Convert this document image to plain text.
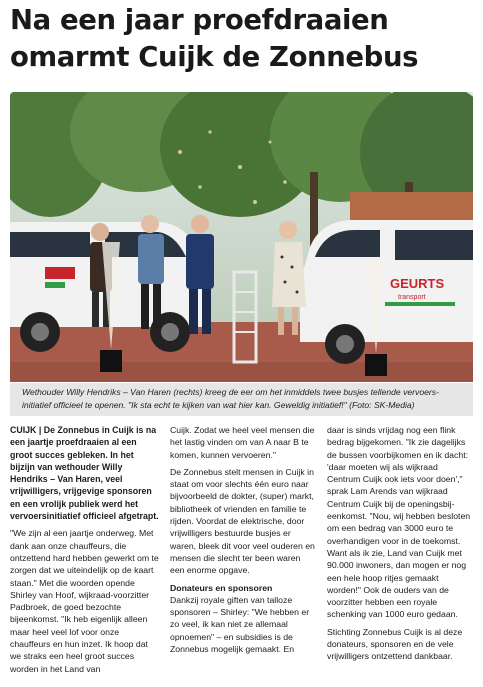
Na een jaar proefdraaien omarmt Cuijk de Zonnebus
GEURTS
transport
Wethouder Willy Hendriks – Van Haren (rechts) kreeg de eer om het inmiddels twee busjes tellende vervoers-initiatief officieel te openen. "Ik sta echt te kijken van wat hier kan. Geweldig initiatief!" (Foto: SK-Media)

CUIJK | De Zonnebus in Cuijk is na een jaartje proefdraaien al een groot succes gebleken. In het bijzijn van wethouder Willy Hendriks – Van Haren, veel vrijwilligers, vrijgevige sponsoren en een vrolijk publiek werd het vervoersinitiatief officieel afgetrapt.

"We zijn al een jaartje onderweg. Met dank aan onze chauffeurs, die ontzettend hard hebben gewerkt om te zorgen dat we uiteindelijk op de kaart staan." Met die woorden opende Shirley van Hoof, wijkraad-voorzitter Padbroek, de goed bezochte bijeenkomst. "Ik heb eigenlijk alleen maar heel veel lof voor onze chauffeurs en hun inzet. Ik hoop dat we straks een heel groot succes worden in het Land van

Cuijk. Zodat we heel veel mensen die het lastig vinden om van A naar B te komen, kunnen vervoeren."

De Zonnebus stelt mensen in Cuijk in staat om voor slechts één euro naar bijvoorbeeld de dokter, (super) markt, bibliotheek of vrienden en familie te rijden. Voordat de elektrische, door vrijwilligers bestuurde busjes er waren, bleek dit voor veel ouderen en mensen die slecht ter been waren een enorme opgave.

Donateurs en sponsoren

Dankzij royale giften van talloze sponsoren – Shirley: "We hebben er zo veel, ik kan niet ze allemaal opnoemen" – en subsidies is de Zonnebus mogelijk gemaakt. En

daar is sinds vrijdag nog een flink bedrag bijgekomen. "Ik zie dagelijks de bussen voorbijkomen en ik dacht: 'daar moeten wij als wijkraad Centrum Cuijk ook iets voor doen'," sprak Lam Arends van wijkraad Centrum Cuijk bij de openingsbij-eenkomst. "Nou, wij hebben besloten om een bedrag van 3000 euro te overhandigen voor in de toekomst. Want als ik zie, Land van Cuijk met 90.000 inwoners, dan mogen er nog een hele hoop ritjes gemaakt worden!" Ook de ouders van de voorzitter hebben een royale schenking van 1000 euro gedaan.

Stichting Zonnebus Cuijk is al deze donateurs, sponsoren en de vele vrijwilligers ontzettend dankbaar.
